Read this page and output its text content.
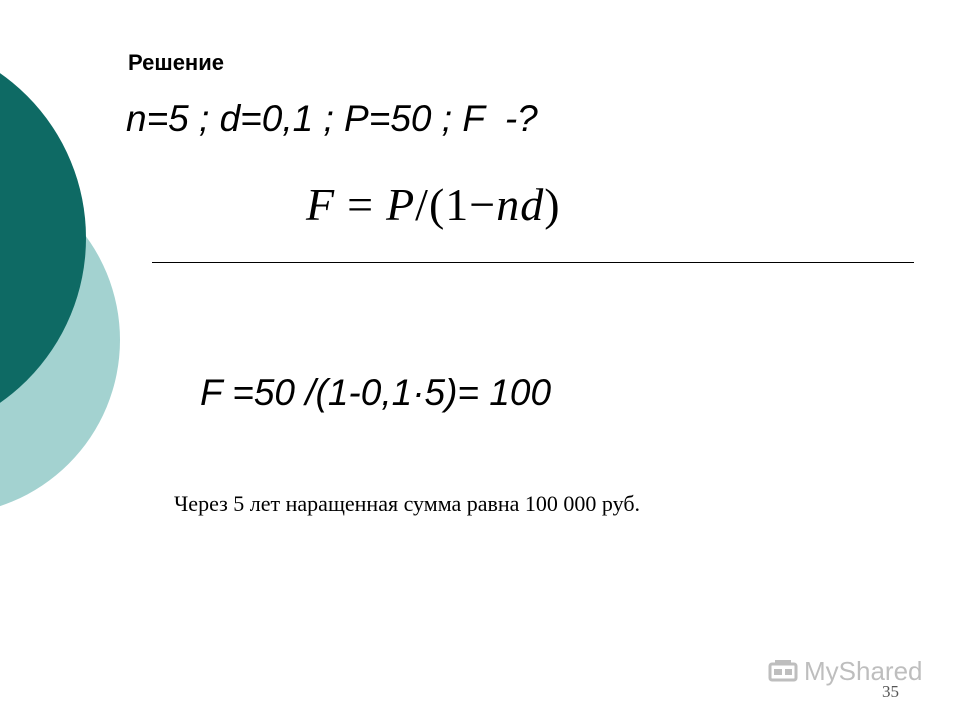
Решение
n=5 ; d=0,1 ; P=50 ; F  -?
F = P/(1−nd)
F =50 /(1-0,1·5)= 100
Через 5 лет наращенная сумма равна 100 000 руб.
MyShared
35
